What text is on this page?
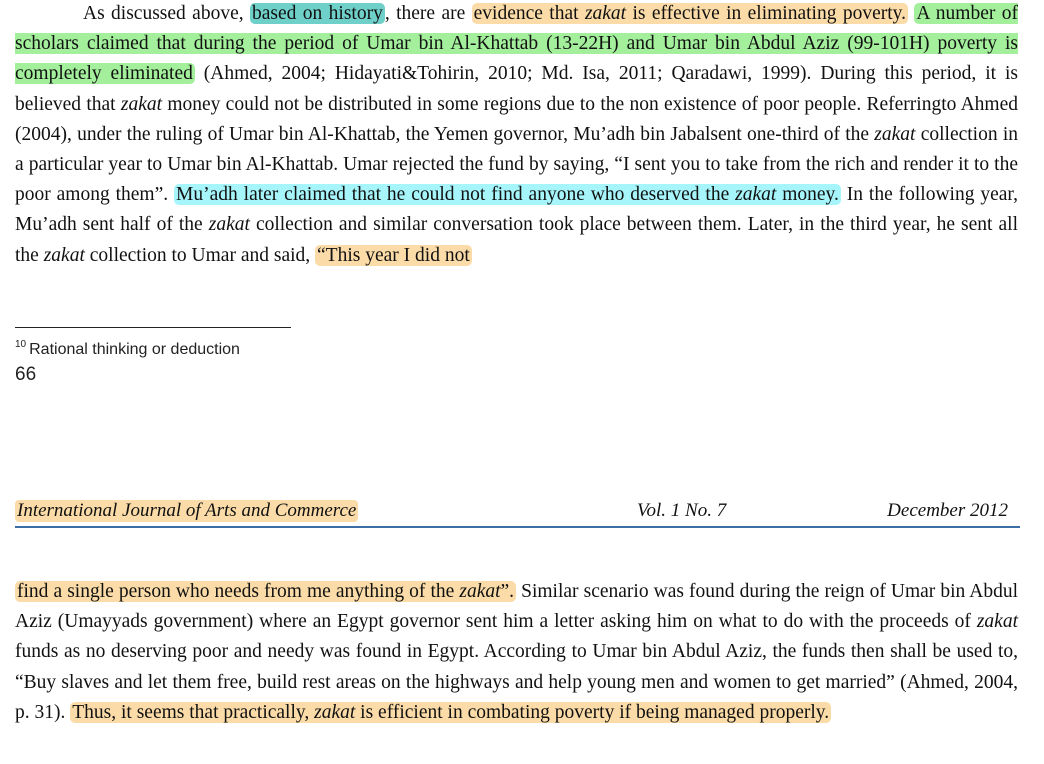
As discussed above, based on history , there are evidence that zakat is effective in eliminating poverty. A number of scholars claimed that during the period of Umar bin Al-Khattab (13-22H) and Umar bin Abdul Aziz (99-101H) poverty is completely eliminated (Ahmed, 2004; Hidayati&Tohirin, 2010; Md. Isa, 2011; Qaradawi, 1999). During this period, it is believed that zakat money could not be distributed in some regions due to the non existence of poor people. Referringto Ahmed (2004), under the ruling of Umar bin Al-Khattab, the Yemen governor, Mu’adh bin Jabalsent one-third of the zakat collection in a particular year to Umar bin Al-Khattab. Umar rejected the fund by saying, “I sent you to take from the rich and render it to the poor among them”. Mu’adh later claimed that he could not find anyone who deserved the zakat money. In the following year, Mu’adh sent half of the zakat collection and similar conversation took place between them. Later, in the third year, he sent all the zakat collection to Umar and said, “This year I did not
$^{10}$ Rational thinking or deduction
66
International Journal of Arts and Commerce	Vol. 1 No. 7	December 2012
find a single person who needs from me anything of the zakat”. Similar scenario was found during the reign of Umar bin Abdul Aziz (Umayyads government) where an Egypt governor sent him a letter asking him on what to do with the proceeds of zakat funds as no deserving poor and needy was found in Egypt. According to Umar bin Abdul Aziz, the funds then shall be used to, “Buy slaves and let them free, build rest areas on the highways and help young men and women to get married” (Ahmed, 2004, p. 31). Thus, it seems that practically, zakat is efficient in combating poverty if being managed properly.
